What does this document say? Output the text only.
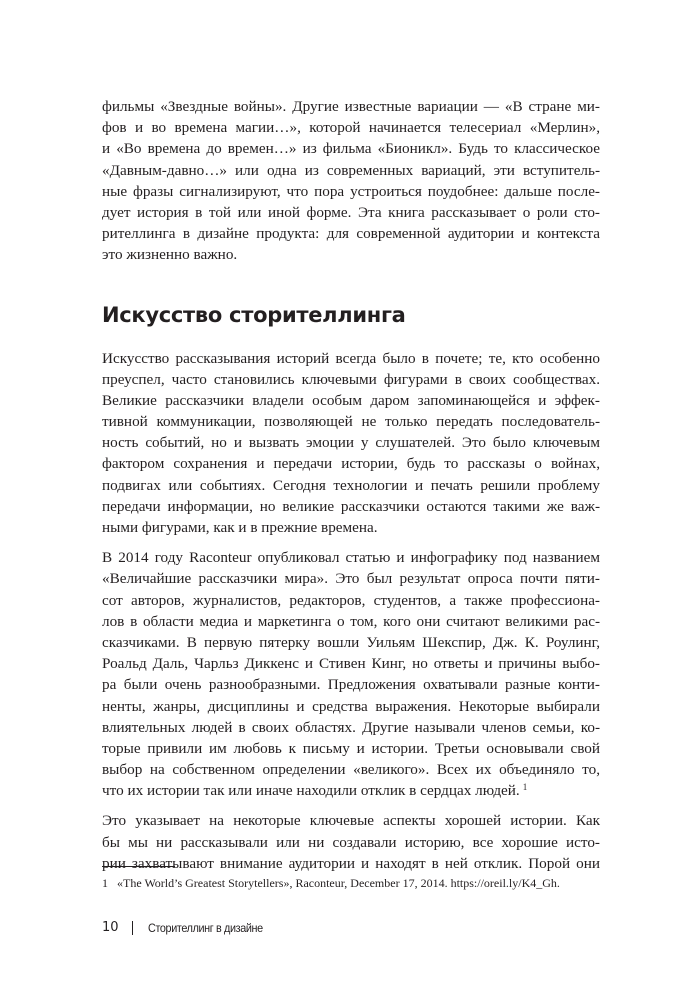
фильмы «Звездные войны». Другие известные вариации — «В стране ми-
фов и во времена магии…», которой начинается телесериал «Мерлин»,
и «Во времена до времен…» из фильма «Бионикл». Будь то классическое
«Давным-давно…» или одна из современных вариаций, эти вступитель-
ные фразы сигнализируют, что пора устроиться поудобнее: дальше после-
дует история в той или иной форме. Эта книга рассказывает о роли сто-
рителлинга в дизайне продукта: для современной аудитории и контекста
это жизненно важно.
Искусство сторителлинга
Искусство рассказывания историй всегда было в почете; те, кто особенно
преуспел, часто становились ключевыми фигурами в своих сообществах.
Великие рассказчики владели особым даром запоминающейся и эффек-
тивной коммуникации, позволяющей не только передать последователь-
ность событий, но и вызвать эмоции у слушателей. Это было ключевым
фактором сохранения и передачи истории, будь то рассказы о войнах,
подвигах или событиях. Сегодня технологии и печать решили проблему
передачи информации, но великие рассказчики остаются такими же важ-
ными фигурами, как и в прежние времена.
В 2014 году Raconteur опубликовал статью и инфографику под названием
«Величайшие рассказчики мира». Это был результат опроса почти пяти-
сот авторов, журналистов, редакторов, студентов, а также профессиона-
лов в области медиа и маркетинга о том, кого они считают великими рас-
сказчиками. В первую пятерку вошли Уильям Шекспир, Дж. К. Роулинг,
Роальд Даль, Чарльз Диккенс и Стивен Кинг, но ответы и причины выбо-
ра были очень разнообразными. Предложения охватывали разные конти-
ненты, жанры, дисциплины и средства выражения. Некоторые выбирали
влиятельных людей в своих областях. Другие называли членов семьи, ко-
торые привили им любовь к письму и истории. Третьи основывали свой
выбор на собственном определении «великого». Всех их объединяло то,
что их истории так или иначе находили отклик в сердцах людей. $^1$
Это указывает на некоторые ключевые аспекты хорошей истории. Как
бы мы ни рассказывали или ни создавали историю, все хорошие исто-
рии захватывают внимание аудитории и находят в ней отклик. Порой они
1 «The World’s Greatest Storytellers», Raconteur, December 17, 2014. https://oreil.ly/K4_Gh.
10	Сторителлинг в дизайне
